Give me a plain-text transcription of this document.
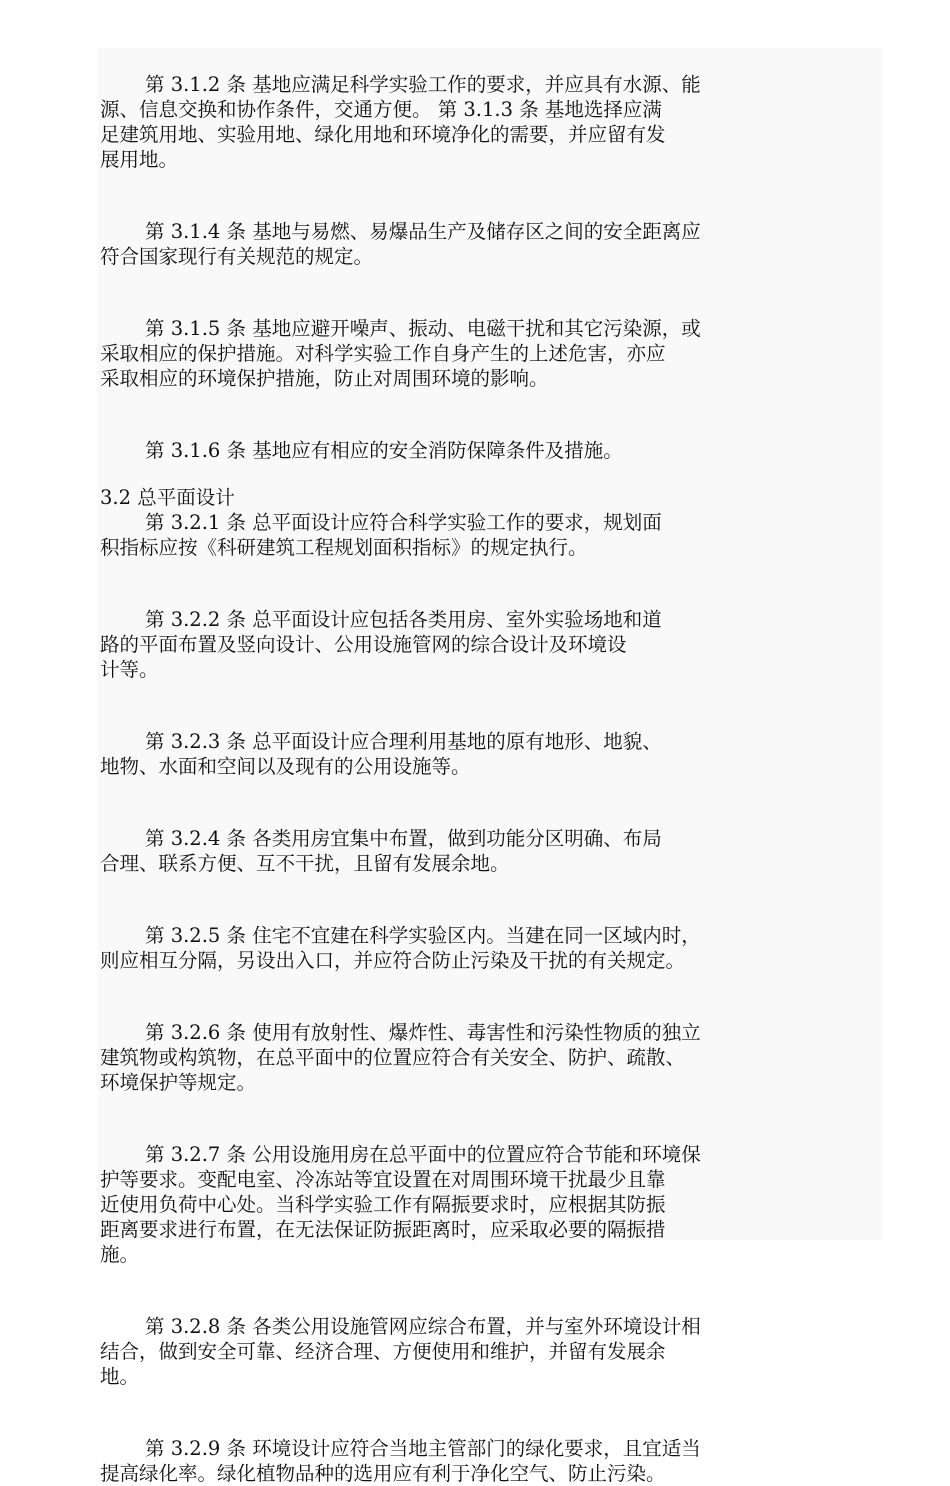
第 3.1.2 条 基地应满足科学实验工作的要求，并应具有水源、能
源、信息交换和协作条件，交通方便。 第 3.1.3 条 基地选择应满
足建筑用地、实验用地、绿化用地和环境净化的需要，并应留有发
展用地。

第 3.1.4 条 基地与易燃、易爆品生产及储存区之间的安全距离应
符合国家现行有关规范的规定。

第 3.1.5 条 基地应避开噪声、振动、电磁干扰和其它污染源，或
采取相应的保护措施。对科学实验工作自身产生的上述危害，亦应
采取相应的环境保护措施，防止对周围环境的影响。

第 3.1.6 条 基地应有相应的安全消防保障条件及措施。

3.2 总平面设计

第 3.2.1 条 总平面设计应符合科学实验工作的要求，规划面
积指标应按《科研建筑工程规划面积指标》的规定执行。

第 3.2.2 条 总平面设计应包括各类用房、室外实验场地和道
路的平面布置及竖向设计、公用设施管网的综合设计及环境设
计等。

第 3.2.3 条 总平面设计应合理利用基地的原有地形、地貌、
地物、水面和空间以及现有的公用设施等。

第 3.2.4 条 各类用房宜集中布置，做到功能分区明确、布局
合理、联系方便、互不干扰，且留有发展余地。

第 3.2.5 条 住宅不宜建在科学实验区内。当建在同一区域内时，
则应相互分隔，另设出入口，并应符合防止污染及干扰的有关规定。

第 3.2.6 条 使用有放射性、爆炸性、毒害性和污染性物质的独立
建筑物或构筑物，在总平面中的位置应符合有关安全、防护、疏散、
环境保护等规定。

第 3.2.7 条 公用设施用房在总平面中的位置应符合节能和环境保
护等要求。变配电室、冷冻站等宜设置在对周围环境干扰最少且靠
近使用负荷中心处。当科学实验工作有隔振要求时，应根据其防振
距离要求进行布置，在无法保证防振距离时，应采取必要的隔振措
施。

第 3.2.8 条 各类公用设施管网应综合布置，并与室外环境设计相
结合，做到安全可靠、经济合理、方便使用和维护，并留有发展余
地。

第 3.2.9 条 环境设计应符合当地主管部门的绿化要求，且宜适当
提高绿化率。绿化植物品种的选用应有利于净化空气、防止污染。
